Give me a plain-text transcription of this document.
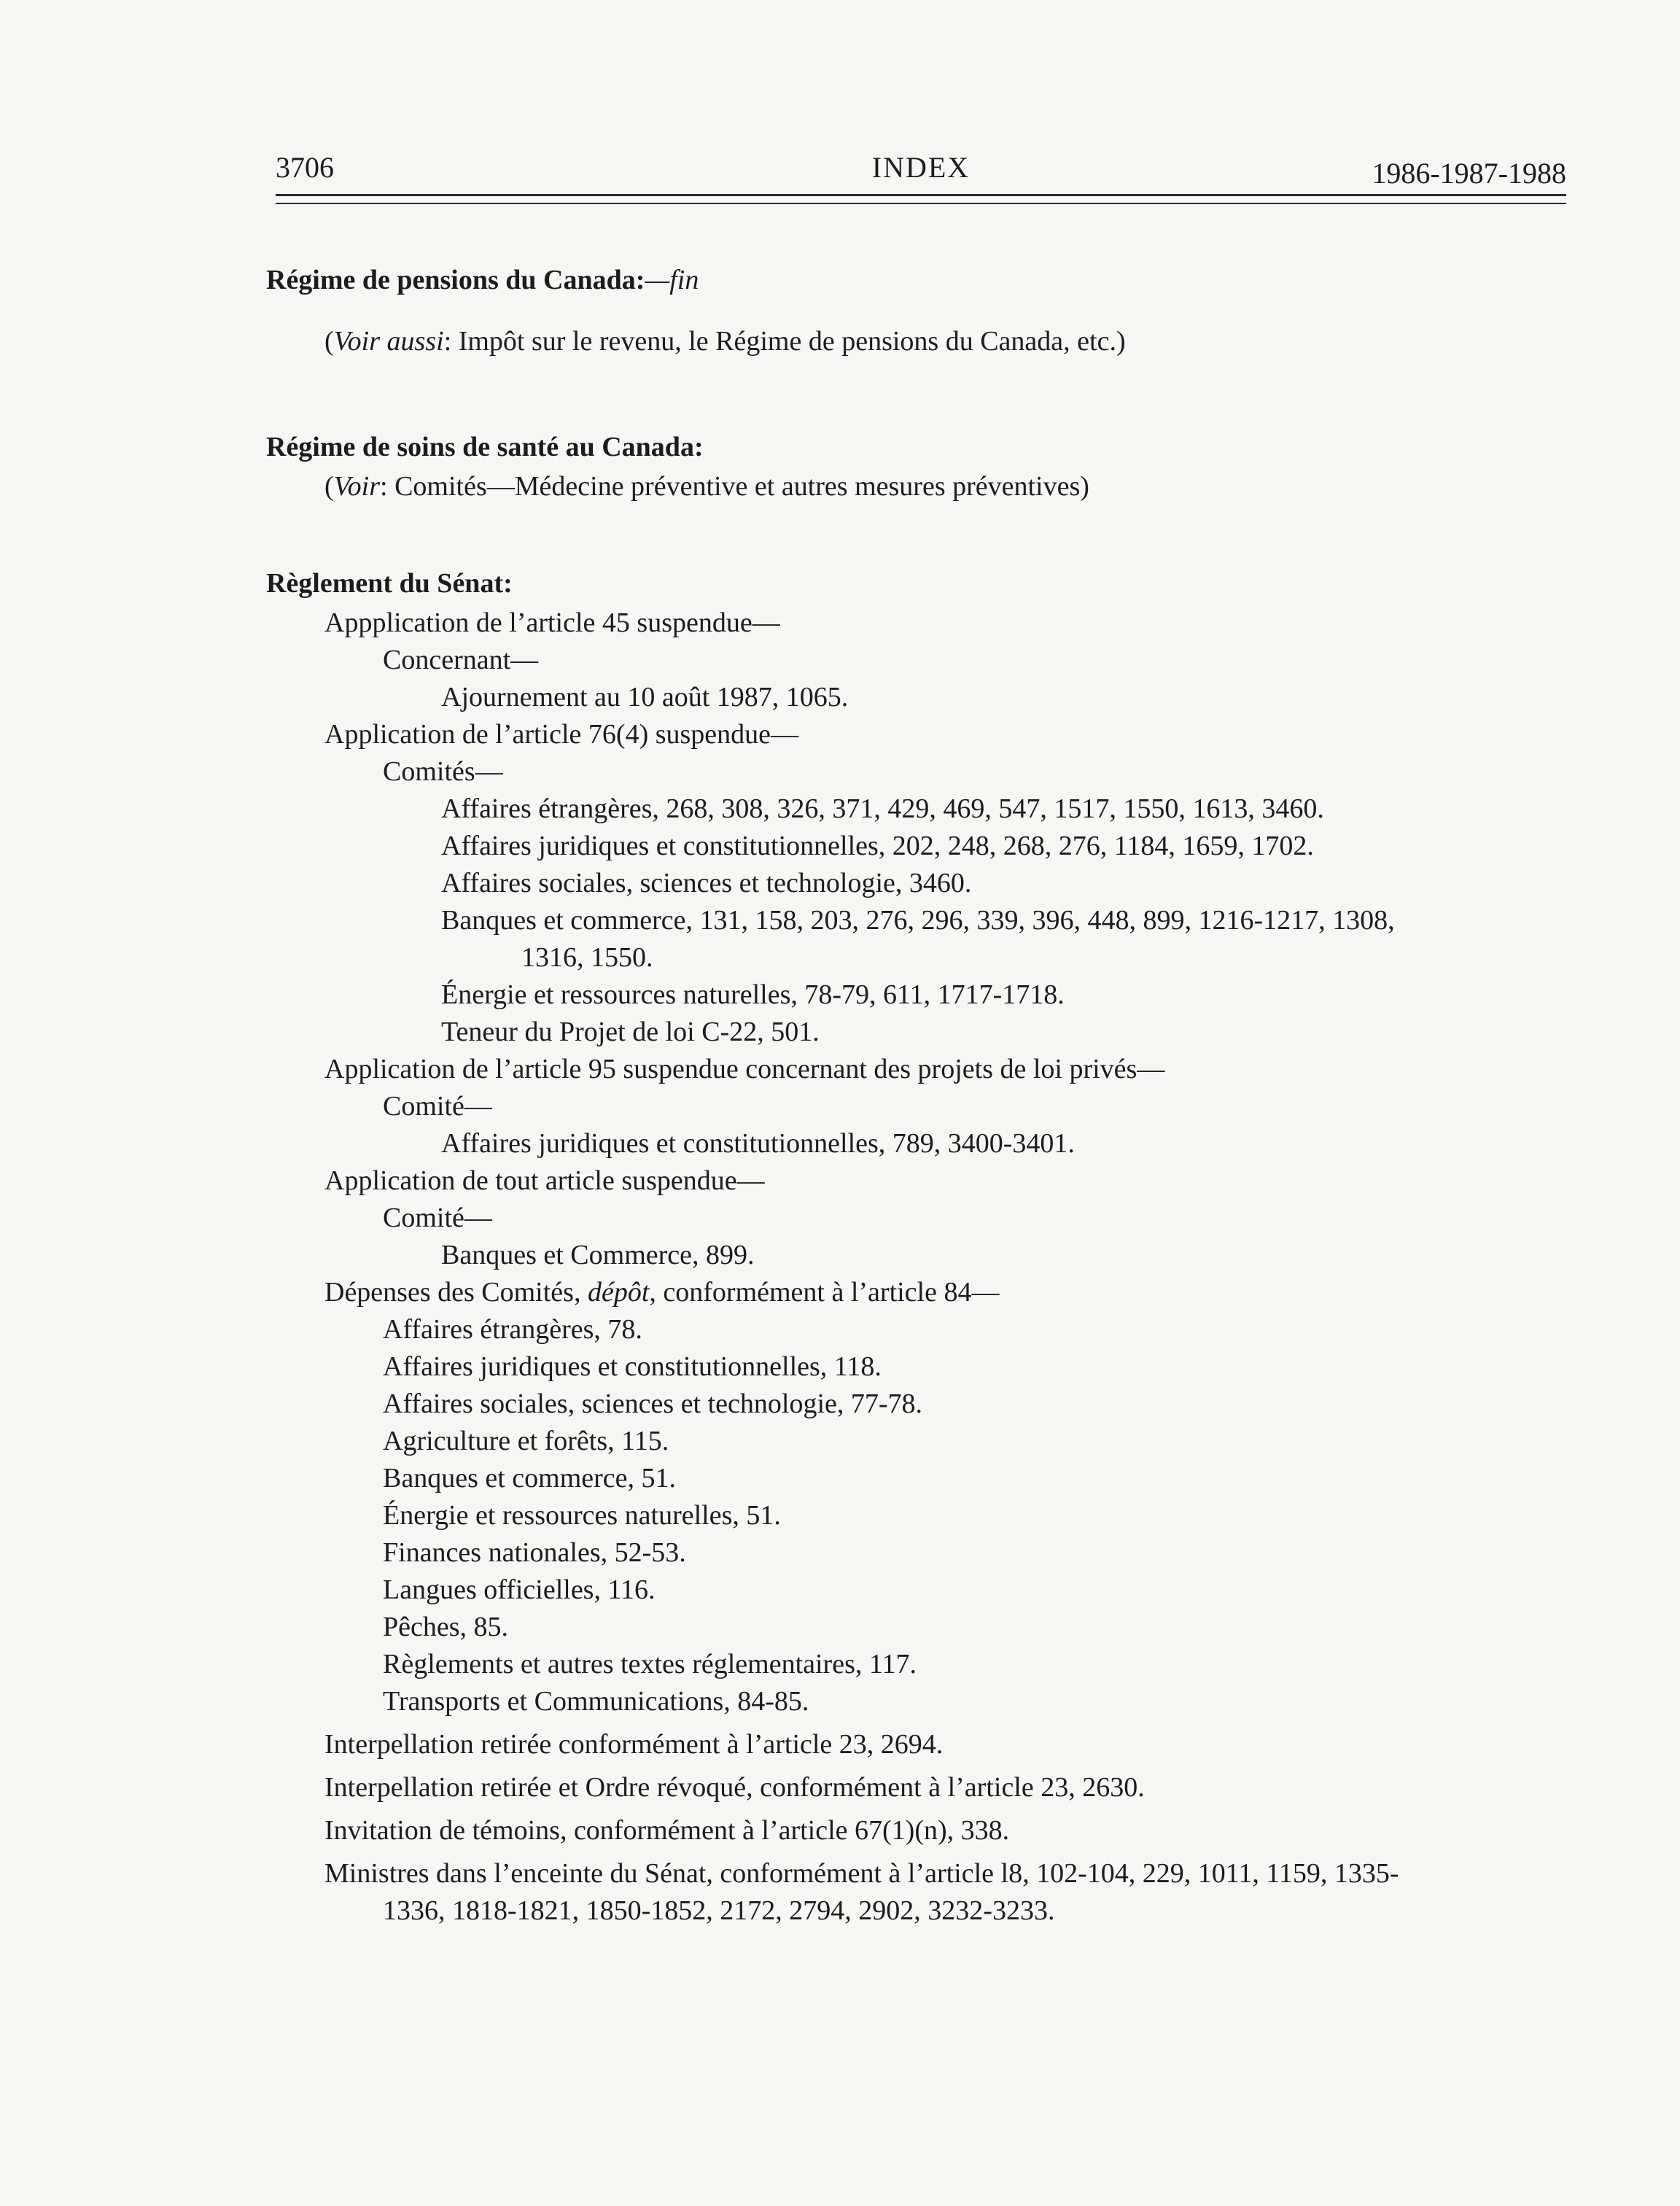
3706	INDEX	1986-1987-1988

Régime de pensions du Canada:—fin

(Voir aussi: Impôt sur le revenu, le Régime de pensions du Canada, etc.)

Régime de soins de santé au Canada:

(Voir: Comités—Médecine préventive et autres mesures préventives)

Règlement du Sénat:

Appplication de l’article 45 suspendue—

Concernant—

Ajournement au 10 août 1987, 1065.

Application de l’article 76(4) suspendue—

Comités—

Affaires étrangères, 268, 308, 326, 371, 429, 469, 547, 1517, 1550, 1613, 3460.

Affaires juridiques et constitutionnelles, 202, 248, 268, 276, 1184, 1659, 1702.

Affaires sociales, sciences et technologie, 3460.

Banques et commerce, 131, 158, 203, 276, 296, 339, 396, 448, 899, 1216-1217, 1308,

1316, 1550.

Énergie et ressources naturelles, 78-79, 611, 1717-1718.

Teneur du Projet de loi C-22, 501.

Application de l’article 95 suspendue concernant des projets de loi privés—

Comité—

Affaires juridiques et constitutionnelles, 789, 3400-3401.

Application de tout article suspendue—

Comité—

Banques et Commerce, 899.

Dépenses des Comités, dépôt, conformément à l’article 84—

Affaires étrangères, 78.

Affaires juridiques et constitutionnelles, 118.

Affaires sociales, sciences et technologie, 77-78.

Agriculture et forêts, 115.

Banques et commerce, 51.

Énergie et ressources naturelles, 51.

Finances nationales, 52-53.

Langues officielles, 116.

Pêches, 85.

Règlements et autres textes réglementaires, 117.

Transports et Communications, 84-85.

Interpellation retirée conformément à l’article 23, 2694.

Interpellation retirée et Ordre révoqué, conformément à l’article 23, 2630.

Invitation de témoins, conformément à l’article 67(1)(n), 338.

Ministres dans l’enceinte du Sénat, conformément à l’article l8, 102-104, 229, 1011, 1159, 1335-

1336, 1818-1821, 1850-1852, 2172, 2794, 2902, 3232-3233.
